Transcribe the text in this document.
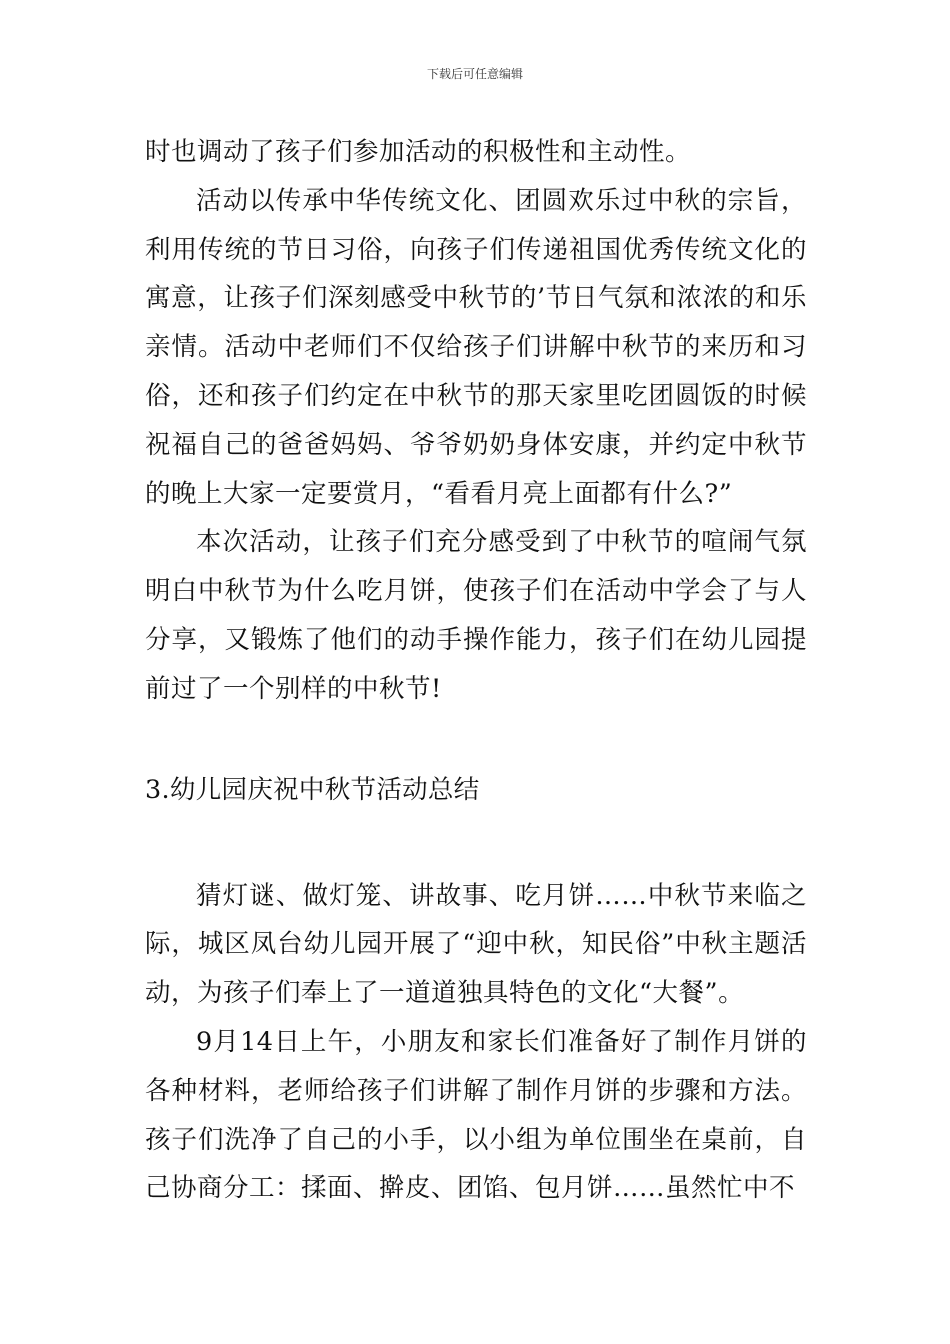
下载后可任意编辑

时也调动了孩子们参加活动的积极性和主动性。

活动以传承中华传统文化、团圆欢乐过中秋的宗旨，利用传统的节日习俗，向孩子们传递祖国优秀传统文化的寓意，让孩子们深刻感受中秋节的’节日气氛和浓浓的和乐亲情。活动中老师们不仅给孩子们讲解中秋节的来历和习俗，还和孩子们约定在中秋节的那天家里吃团圆饭的时候祝福自己的爸爸妈妈、爷爷奶奶身体安康，并约定中秋节的晚上大家一定要赏月，“看看月亮上面都有什么?”

本次活动，让孩子们充分感受到了中秋节的喧闹气氛明白中秋节为什么吃月饼，使孩子们在活动中学会了与人分享，又锻炼了他们的动手操作能力，孩子们在幼儿园提前过了一个别样的中秋节!

3.幼儿园庆祝中秋节活动总结

猜灯谜、做灯笼、讲故事、吃月饼……中秋节来临之际，城区凤台幼儿园开展了“迎中秋，知民俗”中秋主题活动，为孩子们奉上了一道道独具特色的文化“大餐”。

9月14日上午，小朋友和家长们准备好了制作月饼的各种材料，老师给孩子们讲解了制作月饼的步骤和方法。孩子们洗净了自己的小手，以小组为单位围坐在桌前，自己协商分工：揉面、擀皮、团馅、包月饼……虽然忙中不
